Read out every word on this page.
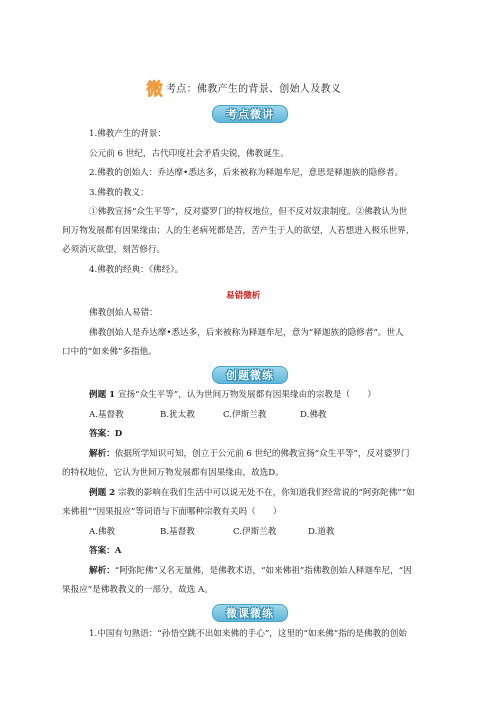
微 考点：佛教产生的背景、创始人及教义
考点微讲
1.佛教产生的背景：
公元前 6 世纪，古代印度社会矛盾尖锐，佛教诞生。
2.佛教的创始人：乔达摩•悉达多，后来被称为释迦牟尼，意思是释迦族的隐修者。
3.佛教的教义：
①佛教宣扬“众生平等”，反对婆罗门的特权地位，但不反对奴隶制度。②佛教认为世
间万物发展都有因果缘由；人的生老病死都是苦，苦产生于人的欲望，人若想进入极乐世界，
必须消灭欲望，刻苦修行。
4.佛教的经典：《佛经》。
易错微析
佛教创始人易错：
佛教创始人是乔达摩•悉达多，后来被称为释迦牟尼，意为“释迦族的隐修者”。世人
口中的“如来佛”多指他。
创题微练
例题 1 宣扬“众生平等”，认为世间万物发展都有因果缘由的宗教是（　　）
A.基督教	B.犹太教	C.伊斯兰教	D.佛教
答案：D
解析：依据所学知识可知，创立于公元前 6 世纪的佛教宣扬“众生平等”，反对婆罗门
的特权地位，它认为世间万物发展都有因果缘由，故选D。
例题 2 宗教的影响在我们生活中可以说无处不在，你知道我们经常说的“阿弥陀佛”“如
来佛祖”“因果报应”等词语与下面哪种宗教有关吗（　　）
A.佛教	B.基督教	C.伊斯兰教	D.道教
答案：A
解析：“阿弥陀佛”又名无量佛，是佛教术语，“如来佛祖”指佛教创始人释迦牟尼，“因
果报应”是佛教教义的一部分，故选 A。
微课微练
1.中国有句熟语：“孙悟空跳不出如来佛的手心”，这里的“如来佛”指的是佛教的创始
